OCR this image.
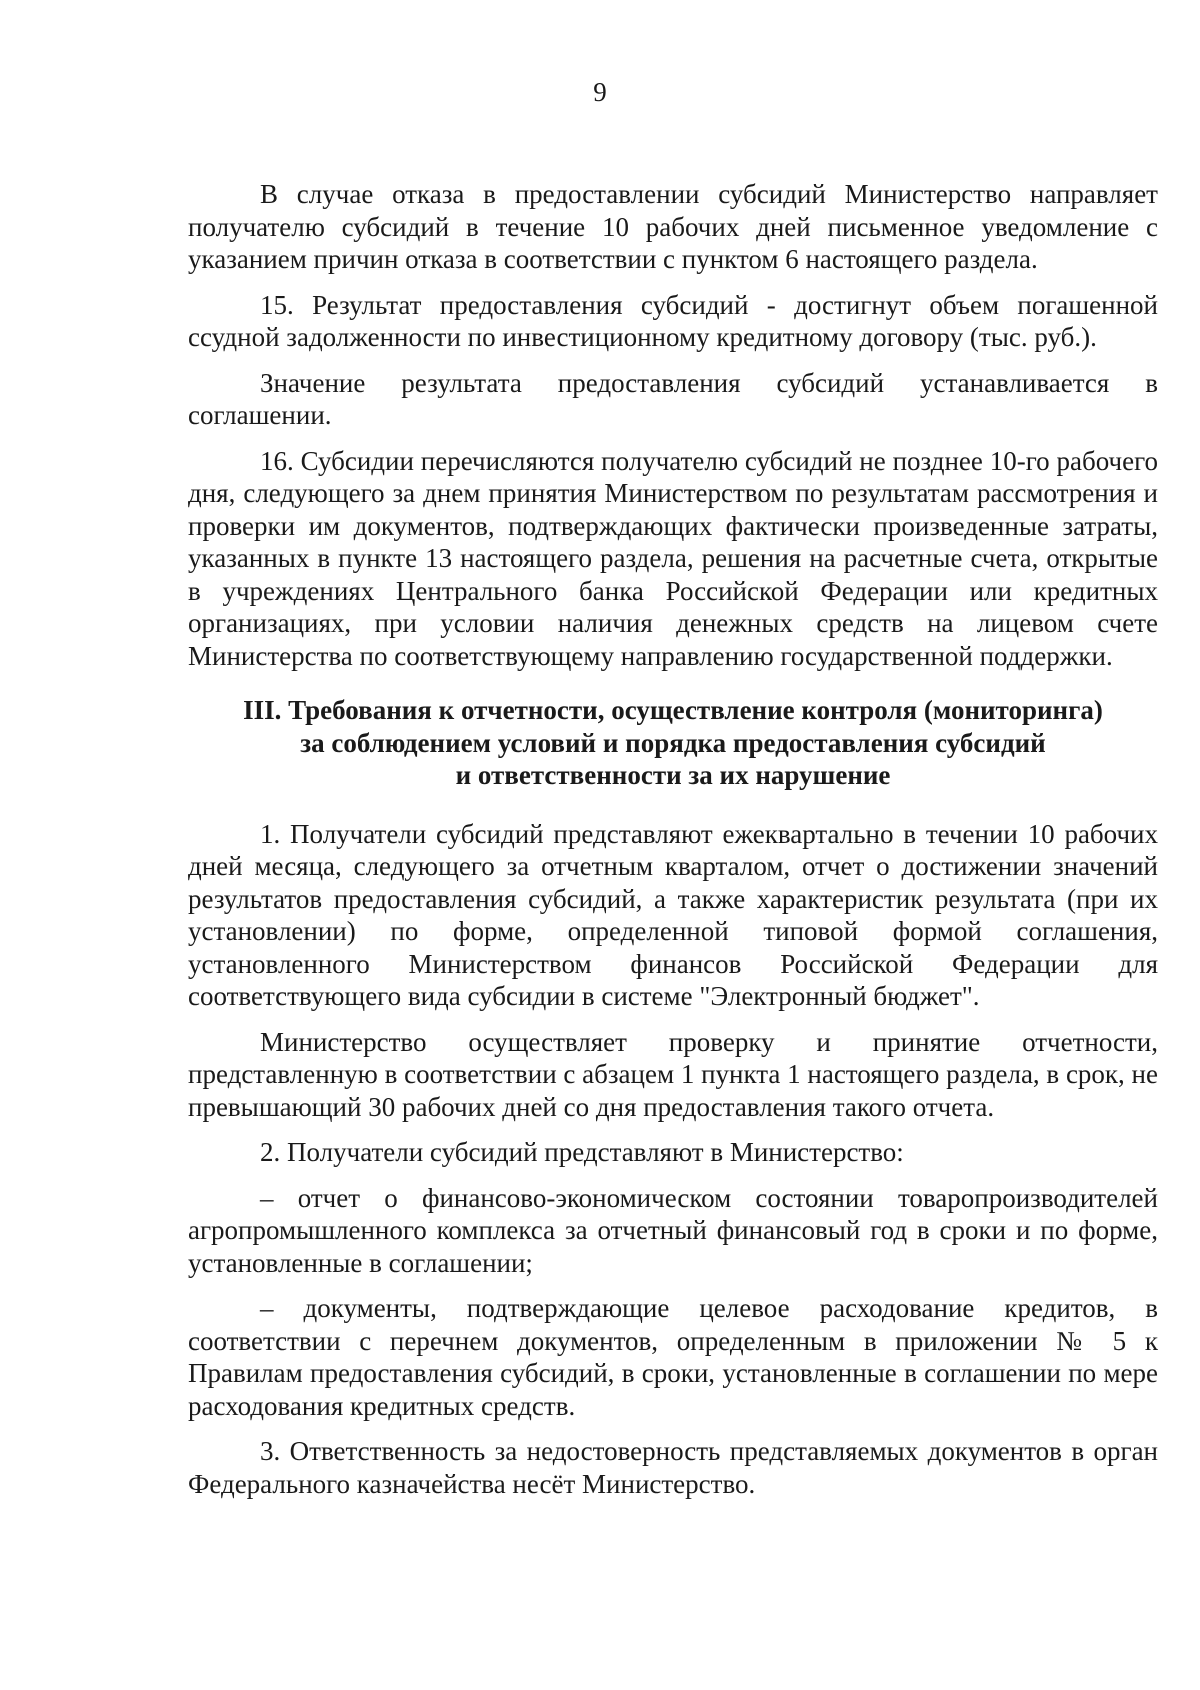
9

В случае отказа в предоставлении субсидий Министерство направляет получателю субсидий в течение 10 рабочих дней письменное уведомление с указанием причин отказа в соответствии с пунктом 6 настоящего раздела.

15. Результат предоставления субсидий - достигнут объем погашенной ссудной задолженности по инвестиционному кредитному договору (тыс. руб.).

Значение результата предоставления субсидий устанавливается в соглашении.

16. Субсидии перечисляются получателю субсидий не позднее 10-го рабочего дня, следующего за днем принятия Министерством по результатам рассмотрения и проверки им документов, подтверждающих фактически произведенные затраты, указанных в пункте 13 настоящего раздела, решения на расчетные счета, открытые в учреждениях Центрального банка Российской Федерации или кредитных организациях, при условии наличия денежных средств на лицевом счете Министерства по соответствующему направлению государственной поддержки.

III. Требования к отчетности, осуществление контроля (мониторинга)
за соблюдением условий и порядка предоставления субсидий
и ответственности за их нарушение

1. Получатели субсидий представляют ежеквартально в течении 10 рабочих дней месяца, следующего за отчетным кварталом, отчет о достижении значений результатов предоставления субсидий, а также характеристик результата (при их установлении) по форме, определенной типовой формой соглашения, установленного Министерством финансов Российской Федерации для соответствующего вида субсидии в системе "Электронный бюджет".

Министерство осуществляет проверку и принятие отчетности, представленную в соответствии с абзацем 1 пункта 1 настоящего раздела, в срок, не превышающий 30 рабочих дней со дня предоставления такого отчета.

2. Получатели субсидий представляют в Министерство:

– отчет о финансово-экономическом состоянии товаропроизводителей агропромышленного комплекса за отчетный финансовый год в сроки и по форме, установленные в соглашении;

– документы, подтверждающие целевое расходование кредитов, в соответствии с перечнем документов, определенным в приложении № 5 к Правилам предоставления субсидий, в сроки, установленные в соглашении по мере расходования кредитных средств.

3. Ответственность за недостоверность представляемых документов в орган Федерального казначейства несёт Министерство.
